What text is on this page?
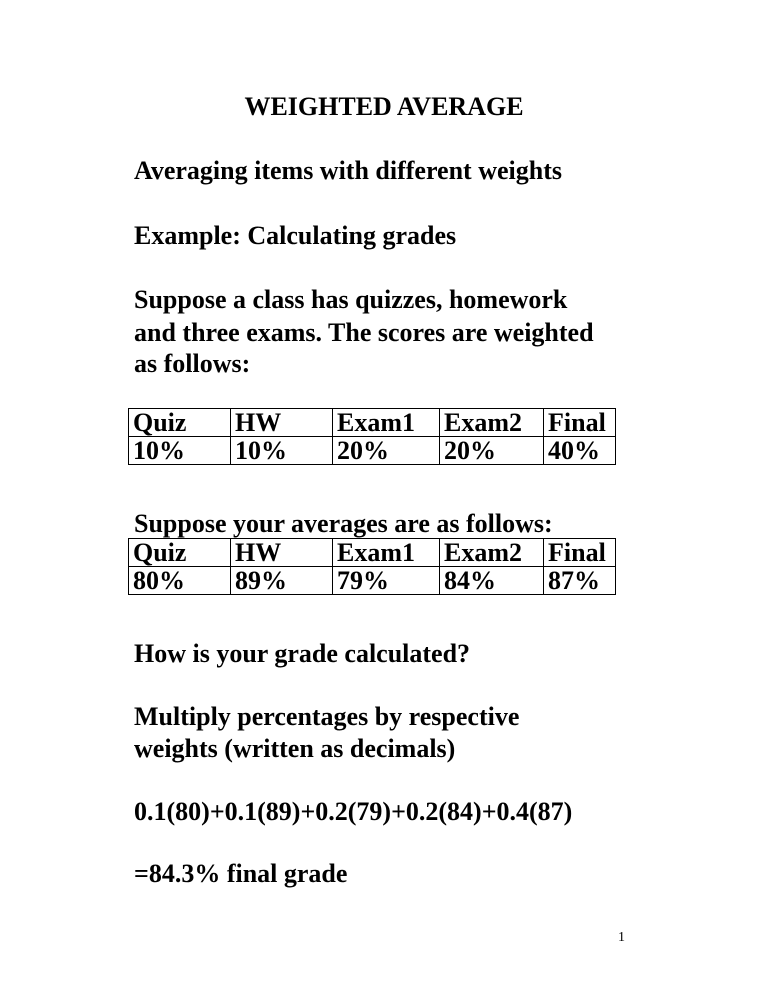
WEIGHTED AVERAGE

Averaging items with different weights

Example: Calculating grades

Suppose a class has quizzes, homework

and three exams. The scores are weighted

as follows:

Quiz	HW	Exam1	Exam2	Final
10%	10%	20%	20%	40%

Suppose your averages are as follows:

Quiz	HW	Exam1	Exam2	Final
80%	89%	79%	84%	87%

How is your grade calculated?

Multiply percentages by respective

weights (written as decimals)

0.1(80)+0.1(89)+0.2(79)+0.2(84)+0.4(87)

=84.3% final grade

1
